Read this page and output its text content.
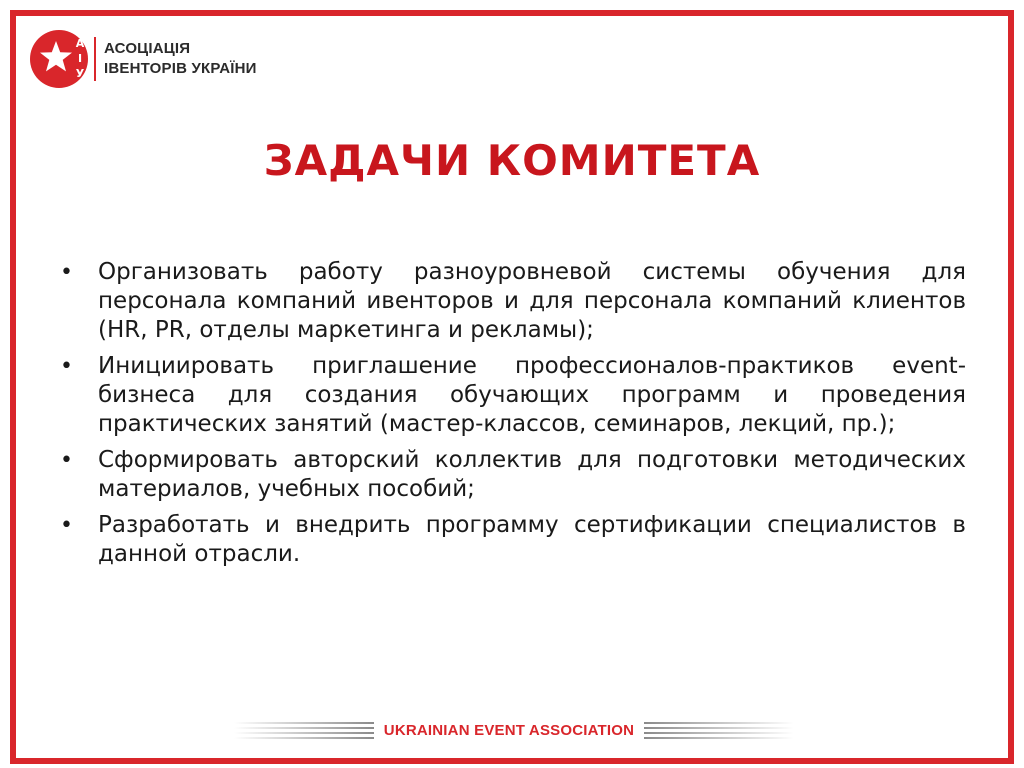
А
І
У
АСОЦІАЦІЯ
ІВЕНТОРІВ УКРАЇНИ
ЗАДАЧИ КОМИТЕТА
• Организовать работу разноуровневой системы обучения для персонала компаний ивенторов и для персонала компаний клиентов (HR, PR, отделы маркетинга и рекламы);
• Инициировать приглашение профессионалов-практиков event-бизнеса для создания обучающих программ и проведения практических занятий (мастер-классов, семинаров, лекций, пр.);
• Сформировать авторский коллектив для подготовки методических материалов, учебных пособий;
• Разработать и внедрить программу сертификации специалистов в данной отрасли.
UKRAINIAN EVENT ASSOCIATION
